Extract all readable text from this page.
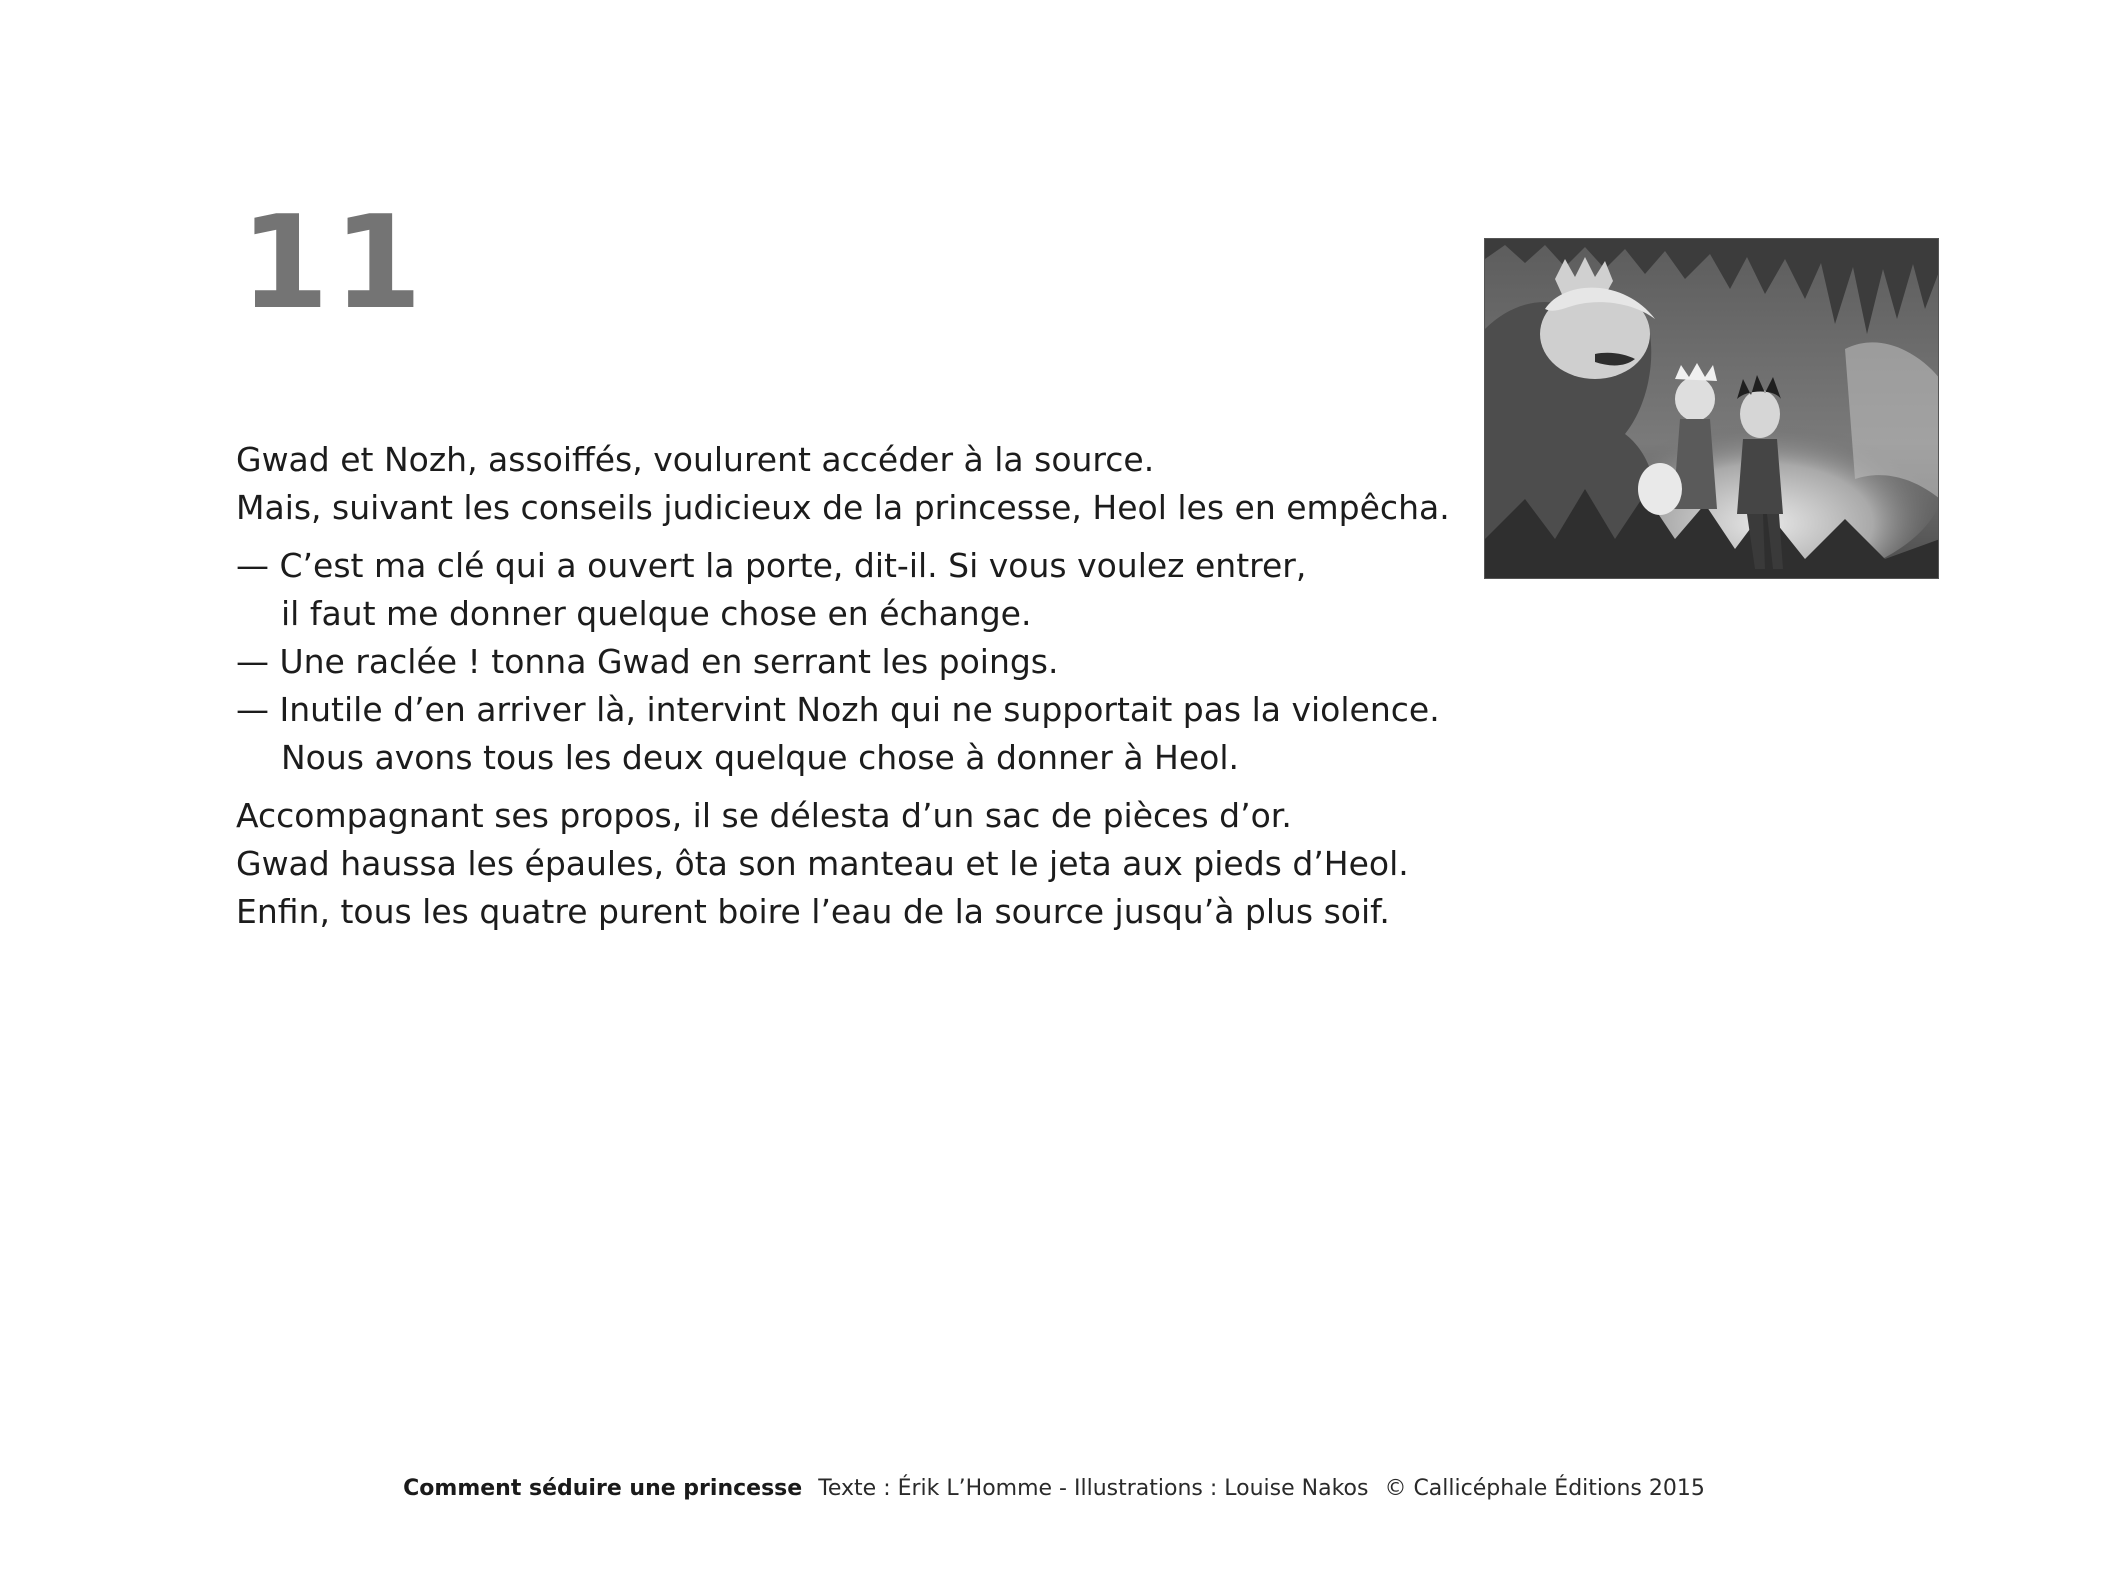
11
Gwad et Nozh, assoiffés, voulurent accéder à la source.
Mais, suivant les conseils judicieux de la princesse, Heol les en empêcha.
— C’est ma clé qui a ouvert la porte, dit-il. Si vous voulez entrer,
il faut me donner quelque chose en échange.
— Une raclée ! tonna Gwad en serrant les poings.
— Inutile d’en arriver là, intervint Nozh qui ne supportait pas la violence.
Nous avons tous les deux quelque chose à donner à Heol.
Accompagnant ses propos, il se délesta d’un sac de pièces d’or.
Gwad haussa les épaules, ôta son manteau et le jeta aux pieds d’Heol.
Enfin, tous les quatre purent boire l’eau de la source jusqu’à plus soif.
Comment séduire une princesse Texte : Érik L’Homme - Illustrations : Louise Nakos © Callicéphale Éditions 2015
